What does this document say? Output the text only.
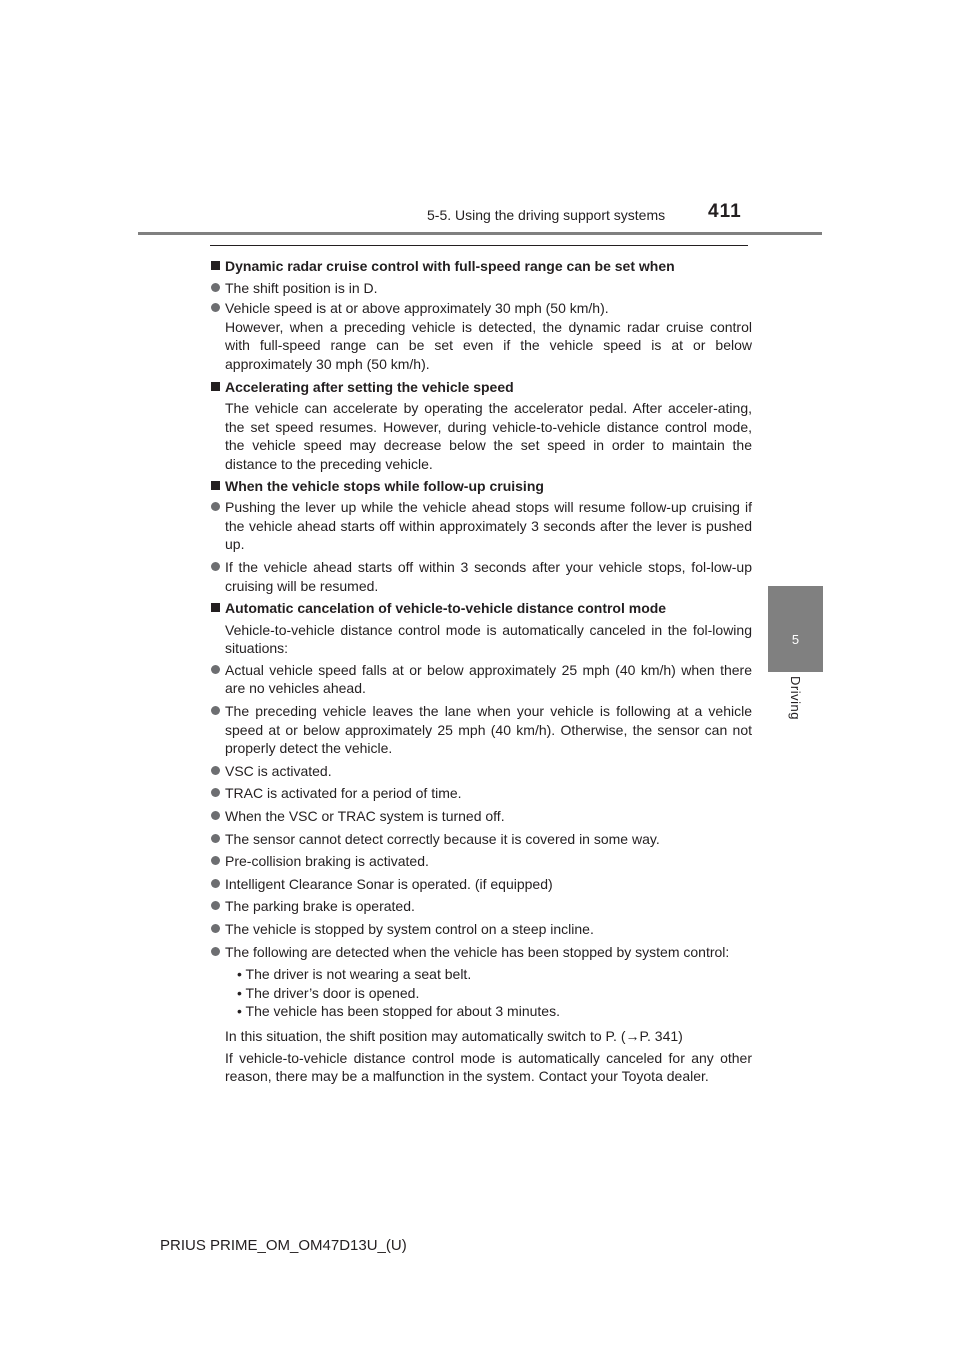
5-5. Using the driving support systems 411
5
Driving
Dynamic radar cruise control with full-speed range can be set when
The shift position is in D.
Vehicle speed is at or above approximately 30 mph (50 km/h).
However, when a preceding vehicle is detected, the dynamic radar cruise control with full-speed range can be set even if the vehicle speed is at or below approximately 30 mph (50 km/h).
Accelerating after setting the vehicle speed
The vehicle can accelerate by operating the accelerator pedal. After acceler-ating, the set speed resumes. However, during vehicle-to-vehicle distance control mode, the vehicle speed may decrease below the set speed in order to maintain the distance to the preceding vehicle.
When the vehicle stops while follow-up cruising
Pushing the lever up while the vehicle ahead stops will resume follow-up cruising if the vehicle ahead starts off within approximately 3 seconds after the lever is pushed up.
If the vehicle ahead starts off within 3 seconds after your vehicle stops, fol-low-up cruising will be resumed.
Automatic cancelation of vehicle-to-vehicle distance control mode
Vehicle-to-vehicle distance control mode is automatically canceled in the fol-lowing situations:
Actual vehicle speed falls at or below approximately 25 mph (40 km/h) when there are no vehicles ahead.
The preceding vehicle leaves the lane when your vehicle is following at a vehicle speed at or below approximately 25 mph (40 km/h). Otherwise, the sensor can not properly detect the vehicle.
VSC is activated.
TRAC is activated for a period of time.
When the VSC or TRAC system is turned off.
The sensor cannot detect correctly because it is covered in some way.
Pre-collision braking is activated.
Intelligent Clearance Sonar is operated. (if equipped)
The parking brake is operated.
The vehicle is stopped by system control on a steep incline.
The following are detected when the vehicle has been stopped by system control:
• The driver is not wearing a seat belt.
• The driver’s door is opened.
• The vehicle has been stopped for about 3 minutes.
In this situation, the shift position may automatically switch to P. (→P. 341)
If vehicle-to-vehicle distance control mode is automatically canceled for any other reason, there may be a malfunction in the system. Contact your Toyota dealer.
PRIUS PRIME_OM_OM47D13U_(U)
